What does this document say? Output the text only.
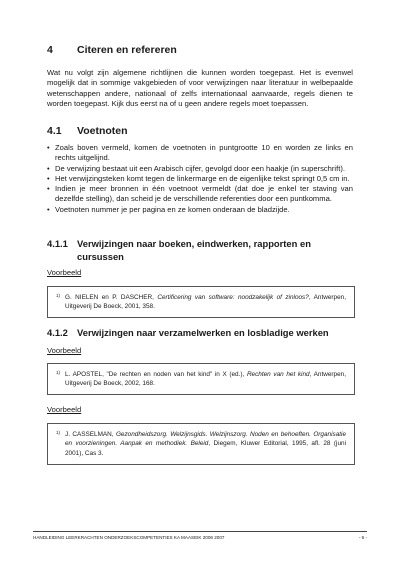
4 Citeren en refereren

Wat nu volgt zijn algemene richtlijnen die kunnen worden toegepast. Het is evenwel mogelijk dat in sommige vakgebieden of voor verwijzingen naar literatuur in welbepaalde wetenschappen andere, nationaal of zelfs internationaal aanvaarde, regels dienen te worden toegepast. Kijk dus eerst na of u geen andere regels moet toepassen.

4.1 Voetnoten
• Zoals boven vermeld, komen de voetnoten in puntgrootte 10 en worden ze links en rechts uitgelijnd.
• De verwijzing bestaat uit een Arabisch cijfer, gevolgd door een haakje (in superschrift).
• Het verwijzingsteken komt tegen de linkermarge en de eigenlijke tekst springt 0,5 cm in.
• Indien je meer bronnen in één voetnoot vermeldt (dat doe je enkel ter staving van dezelfde stelling), dan scheid je de verschillende referenties door een puntkomma.
• Voetnoten nummer je per pagina en ze komen onderaan de bladzijde.
4.1.1 Verwijzingen naar boeken, eindwerken, rapporten en
cursussen
Voorbeeld
1) G. NIELEN en P. DASCHER, Certificering van software: noodzakelijk of zinloos?, Antwerpen, Uitgeverij De Boeck, 2001, 358.
4.1.2 Verwijzingen naar verzamelwerken en losbladige werken
Voorbeeld
1) L. APOSTEL, "De rechten en noden van het kind" in X (ed.), Rechten van het kind, Antwerpen, Uitgeverij De Boeck, 2002, 168.
Voorbeeld
1) J. CASSELMAN, Gezondheidszorg. Welzijnsgids. Welzijnszorg. Noden en behoeften. Organisatie en voorzieningen. Aanpak en methodiek. Beleid, Diegem, Kluwer Editorial, 1995, afl. 28 (juni 2001), Cas 3.
HANDLEIDING LEERKRACHTEN ONDERZOEKSCOMPETENTIES KA MAASEIK 2006 2007	- 6 -
